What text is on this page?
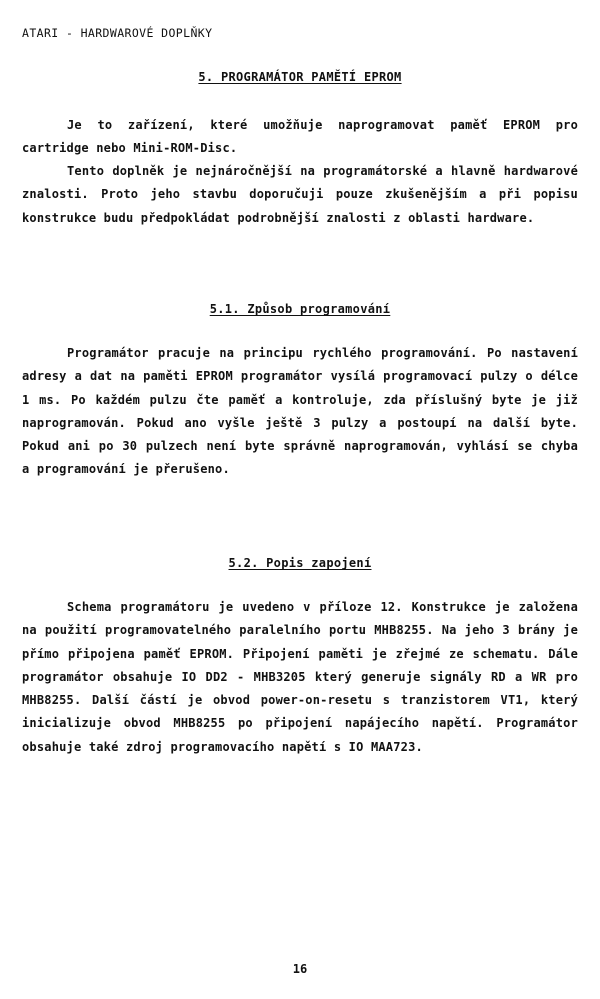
ATARI - HARDWAROVÉ DOPLŇKY
5. PROGRAMÁTOR PAMĚTÍ EPROM

Je to zařízení, které umožňuje naprogramovat paměť EPROM pro cartridge nebo Mini-ROM-Disc.

Tento doplněk je nejnáročnější na programátorské a hlavně hardwarové znalosti. Proto jeho stavbu doporučuji pouze zkušenějším a při popisu konstrukce budu předpokládat podrobnější znalosti z oblasti hardware.

5.1. Způsob programování

Programátor pracuje na principu rychlého programování. Po nastavení adresy a dat na paměti EPROM programátor vysílá programovací pulzy o délce 1 ms. Po každém pulzu čte paměť a kontroluje, zda příslušný byte je již naprogramován. Pokud ano vyšle ještě 3 pulzy a postoupí na další byte. Pokud ani po 30 pulzech není byte správně naprogramován, vyhlásí se chyba a programování je přerušeno.

5.2. Popis zapojení

Schema programátoru je uvedeno v příloze 12. Konstrukce je založena na použití programovatelného paralelního portu MHB8255. Na jeho 3 brány je přímo připojena paměť EPROM. Připojení paměti je zřejmé ze schematu. Dále programátor obsahuje IO DD2 - MHB3205 který generuje signály RD a WR pro MHB8255. Další částí je obvod power-on-resetu s tranzistorem VT1, který inicializuje obvod MHB8255 po připojení napájecího napětí. Programátor obsahuje také zdroj programovacího napětí s IO MAA723.

16
